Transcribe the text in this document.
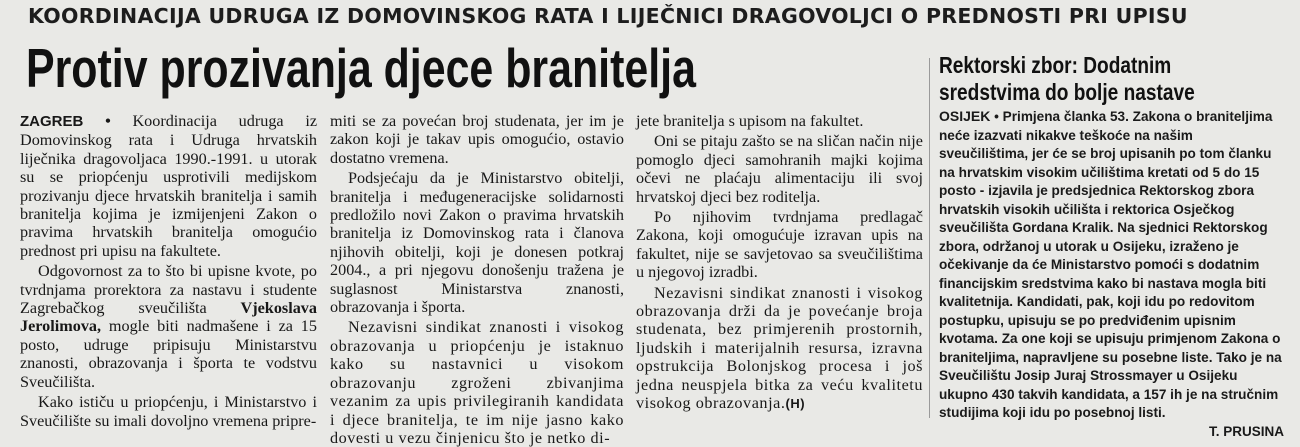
KOORDINACIJA UDRUGA IZ DOMOVINSKOG RATA I LIJEČNICI DRAGOVOLJCI O PREDNOSTI PRI UPISU
Protiv prozivanja djece branitelja

ZAGREB • Koordinacija udruga iz Domovinskog rata i Udruga hrvatskih liječnika dragovoljaca 1990.-1991. u utorak su se priopćenju usprotivili medijskom prozivanju djece hrvatskih branitelja i samih branitelja kojima je izmijenjeni Zakon o pravima hrvatskih branitelja omogućio prednost pri upisu na fakultete.

Odgovornost za to što bi upisne kvote, po tvrdnjama prorektora za nastavu i studente Zagrebačkog sveučilišta Vjekoslava Jerolimova, mogle biti nadmašene i za 15 posto, udruge pripisuju Ministarstvu znanosti, obrazovanja i športa te vodstvu Sveučilišta.

Kako ističu u priopćenju, i Ministarstvo i Sveučilište su imali dovoljno vremena pripre-

miti se za povećan broj studenata, jer im je zakon koji je takav upis omogućio, ostavio dostatno vremena.

Podsjećaju da je Ministarstvo obitelji, branitelja i međugeneracijske solidarnosti predložilo novi Zakon o pravima hrvatskih branitelja iz Domovinskog rata i članova njihovih obitelji, koji je donesen potkraj 2004., a pri njegovu donošenju tražena je suglasnost Ministarstva znanosti, obrazovanja i športa.

Nezavisni sindikat znanosti i visokog obrazovanja u priopćenju je istaknuo kako su nastavnici u visokom obrazovanju zgroženi zbivanjima vezanim za upis privilegiranih kandidata i djece branitelja, te im nije jasno kako dovesti u vezu činjenicu što je netko di-

jete branitelja s upisom na fakultet.

Oni se pitaju zašto se na sličan način nije pomoglo djeci samohranih majki kojima očevi ne plaćaju alimentaciju ili svoj hrvatskoj djeci bez roditelja.

Po njihovim tvrdnjama predlagač Zakona, koji omogućuje izravan upis na fakultet, nije se savjetovao sa sveučilištima u njegovoj izradbi.

Nezavisni sindikat znanosti i visokog obrazovanja drži da je povećanje broja studenata, bez primjerenih prostornih, ljudskih i materijalnih resursa, izravna opstrukcija Bolonjskog procesa i još jedna neuspjela bitka za veću kvalitetu visokog obrazovanja.(H)

Rektorski zbor: Dodatnim
sredstvima do bolje nastave
OSIJEK • Primjena članka 53. Zakona o braniteljima neće izazvati nikakve teškoće na našim sveučilištima, jer će se broj upisanih po tom članku na hrvatskim visokim učilištima kretati od 5 do 15 posto - izjavila je predsjednica Rektorskog zbora hrvatskih visokih učilišta i rektorica Osječkog sveučilišta Gordana Kralik. Na sjednici Rektorskog zbora, održanoj u utorak u Osijeku, izraženo je očekivanje da će Ministarstvo pomoći s dodatnim financijskim sredstvima kako bi nastava mogla biti kvalitetnija. Kandidati, pak, koji idu po redovitom postupku, upisuju se po predviđenim upisnim kvotama. Za one koji se upisuju primjenom Zakona o braniteljima, napravljene su posebne liste. Tako je na Sveučilištu Josip Juraj Strossmayer u Osijeku ukupno 430 takvih kandidata, a 157 ih je na stručnim studijima koji idu po posebnoj listi.
T. PRUSINA
